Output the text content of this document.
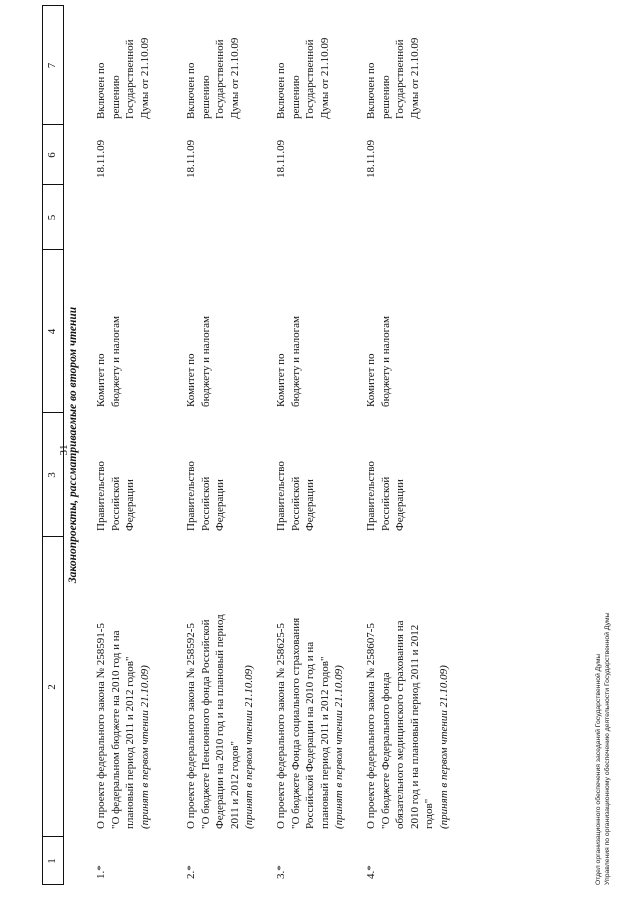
31
1
2
3
4
5
6
7
Законопроекты, рассматриваемые во втором чтении
1.*
О проекте федерального закона № 258591-5 "О федеральном бюджете на 2010 год и на плановый период 2011 и 2012 годов" (принят в первом чтении 21.10.09)
Правительство Российской Федерации
Комитет по бюджету и налогам
18.11.09
Включен по решению Государственной Думы от 21.10.09
2.*
О проекте федерального закона № 258592-5 "О бюджете Пенсионного фонда Российской Федерации на 2010 год и на плановый период 2011 и 2012 годов" (принят в первом чтении 21.10.09)
Правительство Российской Федерации
Комитет по бюджету и налогам
18.11.09
Включен по решению Государственной Думы от 21.10.09
3.*
О проекте федерального закона № 258625-5 "О бюджете Фонда социального страхования Российской Федерации на 2010 год и на плановый период 2011 и 2012 годов" (принят в первом чтении 21.10.09)
Правительство Российской Федерации
Комитет по бюджету и налогам
18.11.09
Включен по решению Государственной Думы от 21.10.09
4.*
О проекте федерального закона № 258607-5 "О бюджете Федерального фонда обязательного медицинского страхования на 2010 год и на плановый период 2011 и 2012 годов" (принят в первом чтении 21.10.09)
Правительство Российской Федерации
Комитет по бюджету и налогам
18.11.09
Включен по решению Государственной Думы от 21.10.09
Отдел организационного обеспечения заседаний Государственной Думы Управления по организационному обеспечению деятельности Государственной Думы
